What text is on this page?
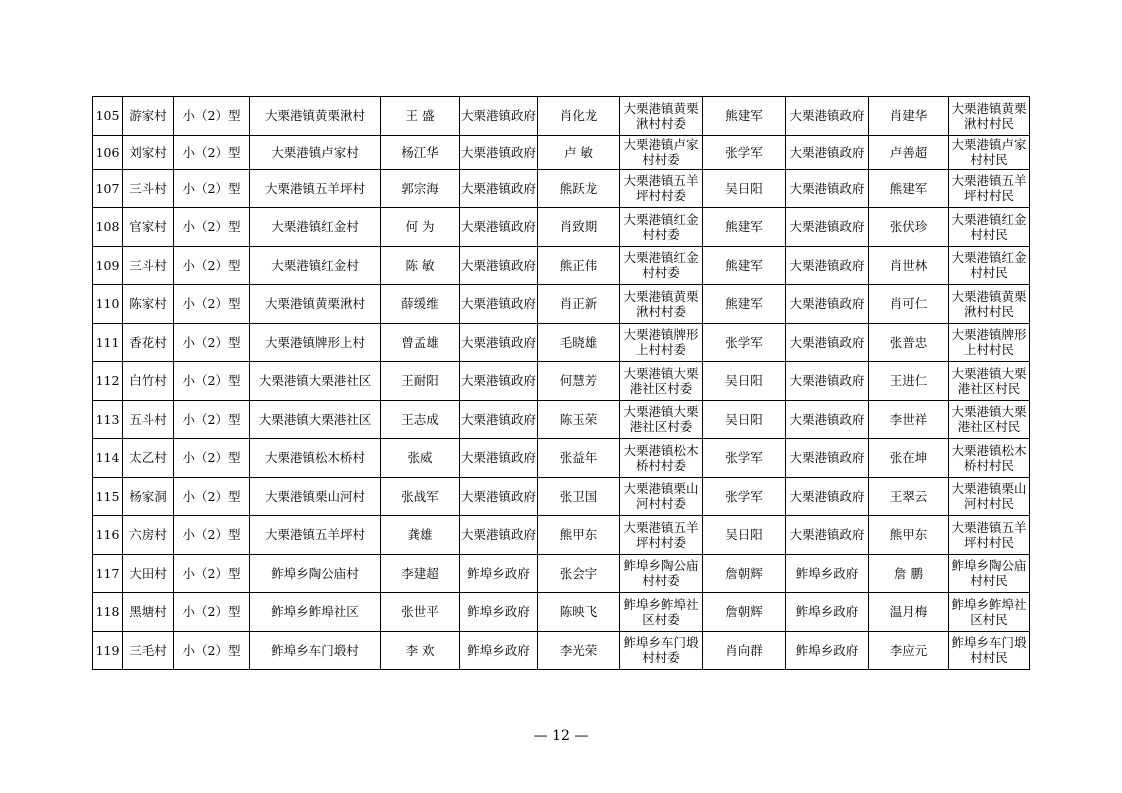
105	游家村	小（2）型	大栗港镇黄栗湫村	王 盛	大栗港镇政府	肖化龙	大栗港镇黄栗湫村村委	熊建军	大栗港镇政府	肖建华	大栗港镇黄栗湫村村民

106	刘家村	小（2）型	大栗港镇卢家村	杨江华	大栗港镇政府	卢 敏	大栗港镇卢家村村委	张学军	大栗港镇政府	卢善超	大栗港镇卢家村村民

107	三斗村	小（2）型	大栗港镇五羊坪村	郭宗海	大栗港镇政府	熊跃龙	大栗港镇五羊坪村村委	吴日阳	大栗港镇政府	熊建军	大栗港镇五羊坪村村民

108	官家村	小（2）型	大栗港镇红金村	何 为	大栗港镇政府	肖致期	大栗港镇红金村村委	熊建军	大栗港镇政府	张伏珍	大栗港镇红金村村民

109	三斗村	小（2）型	大栗港镇红金村	陈 敏	大栗港镇政府	熊正伟	大栗港镇红金村村委	熊建军	大栗港镇政府	肖世林	大栗港镇红金村村民

110	陈家村	小（2）型	大栗港镇黄栗湫村	薛缓维	大栗港镇政府	肖正新	大栗港镇黄栗湫村村委	熊建军	大栗港镇政府	肖可仁	大栗港镇黄栗湫村村民

111	香花村	小（2）型	大栗港镇牌形上村	曾孟雄	大栗港镇政府	毛晓雄	大栗港镇牌形上村村委	张学军	大栗港镇政府	张普忠	大栗港镇牌形上村村民

112	白竹村	小（2）型	大栗港镇大栗港社区	王耐阳	大栗港镇政府	何慧芳	大栗港镇大栗港社区村委	吴日阳	大栗港镇政府	王进仁	大栗港镇大栗港社区村民

113	五斗村	小（2）型	大栗港镇大栗港社区	王志成	大栗港镇政府	陈玉荣	大栗港镇大栗港社区村委	吴日阳	大栗港镇政府	李世祥	大栗港镇大栗港社区村民

114	太乙村	小（2）型	大栗港镇松木桥村	张威	大栗港镇政府	张益年	大栗港镇松木桥村村委	张学军	大栗港镇政府	张在坤	大栗港镇松木桥村村民

115	杨家洞	小（2）型	大栗港镇栗山河村	张战军	大栗港镇政府	张卫国	大栗港镇栗山河村村委	张学军	大栗港镇政府	王翠云	大栗港镇栗山河村村民

116	六房村	小（2）型	大栗港镇五羊坪村	龚雄	大栗港镇政府	熊甲东	大栗港镇五羊坪村村委	吴日阳	大栗港镇政府	熊甲东	大栗港镇五羊坪村村民

117	大田村	小（2）型	鲊埠乡陶公庙村	李建超	鲊埠乡政府	张会宇	鲊埠乡陶公庙村村委	詹朝辉	鲊埠乡政府	詹 鹏	鲊埠乡陶公庙村村民

118	黑塘村	小（2）型	鲊埠乡鲊埠社区	张世平	鲊埠乡政府	陈映飞	鲊埠乡鲊埠社区村委	詹朝辉	鲊埠乡政府	温月梅	鲊埠乡鲊埠社区村民

119	三毛村	小（2）型	鲊埠乡车门塅村	李 欢	鲊埠乡政府	李光荣	鲊埠乡车门塅村村委	肖向群	鲊埠乡政府	李应元	鲊埠乡车门塅村村民
— 12 —
